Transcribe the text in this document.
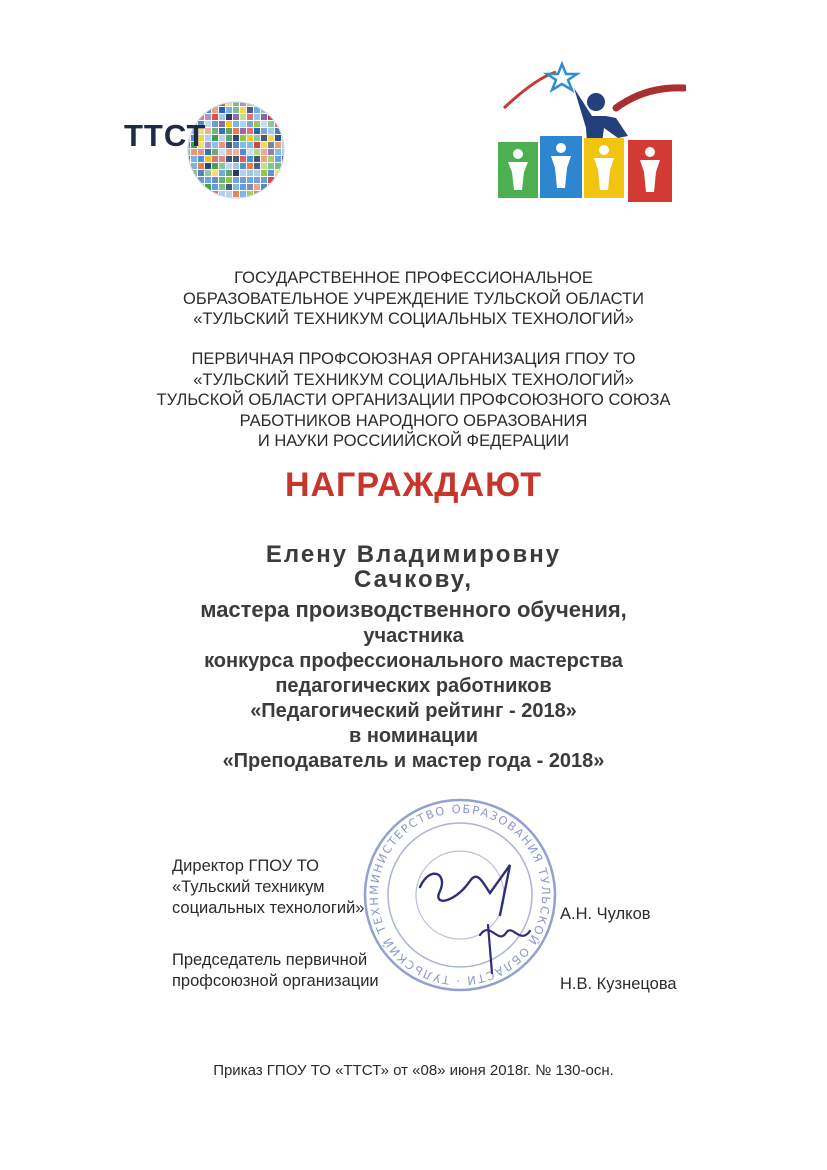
ТТСТ
ГОСУДАРСТВЕННОЕ ПРОФЕССИОНАЛЬНОЕ
ОБРАЗОВАТЕЛЬНОЕ УЧРЕЖДЕНИЕ ТУЛЬСКОЙ ОБЛАСТИ
«ТУЛЬСКИЙ ТЕХНИКУМ СОЦИАЛЬНЫХ ТЕХНОЛОГИЙ»
ПЕРВИЧНАЯ ПРОФСОЮЗНАЯ ОРГАНИЗАЦИЯ ГПОУ ТО
«ТУЛЬСКИЙ ТЕХНИКУМ СОЦИАЛЬНЫХ ТЕХНОЛОГИЙ»
ТУЛЬСКОЙ ОБЛАСТИ ОРГАНИЗАЦИИ ПРОФСОЮЗНОГО СОЮЗА
РАБОТНИКОВ НАРОДНОГО ОБРАЗОВАНИЯ
И НАУКИ РОССИИЙСКОЙ ФЕДЕРАЦИИ
НАГРАЖДАЮТ
Елену Владимировну
Сачкову,
мастера производственного обучения,
участника
конкурса профессионального мастерства
педагогических работников
«Педагогический рейтинг - 2018»
в номинации
«Преподаватель и мастер года - 2018»
МИНИСТЕРСТВО ОБРАЗОВАНИЯ ТУЛЬСКОЙ ОБЛАСТИ · ТУЛЬСКИЙ ТЕХН
Директор ГПОУ ТО
«Тульский техникум
социальных технологий»	А.Н. Чулков
Председатель первичной
профсоюзной организации	Н.В. Кузнецова
Приказ ГПОУ ТО «ТТСТ» от «08» июня 2018г. № 130-осн.
